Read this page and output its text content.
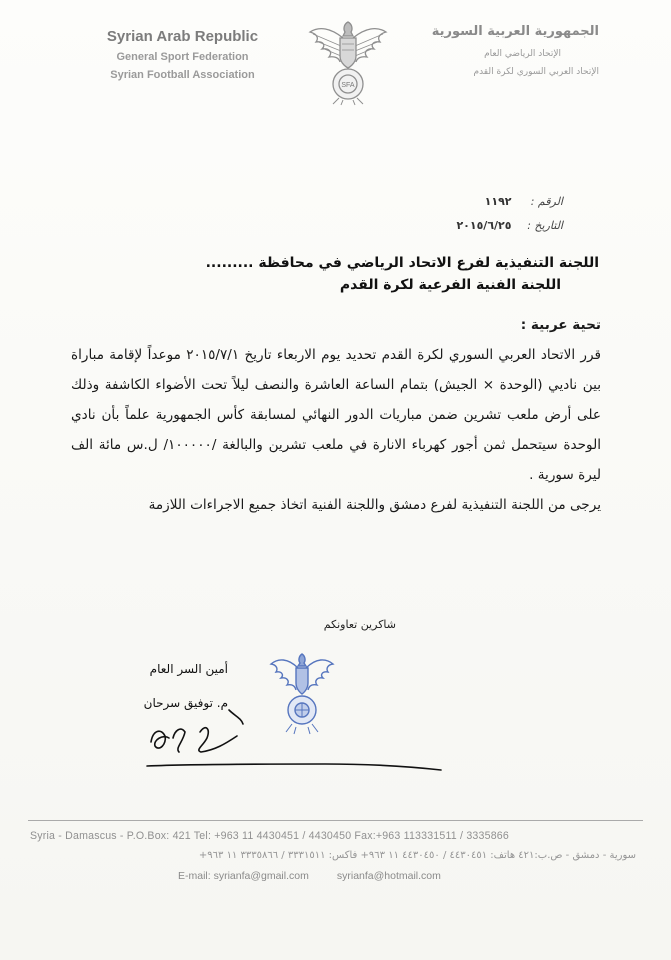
Syrian Arab Republic
General Sport Federation
Syrian Football Association
SFA
الجمهورية العربية السورية
الإتحاد الرياضي العام
الإتحاد العربي السوري لكرة القدم
الرقم : ١١٩٢
التاريخ : ٢٠١٥/٦/٢٥
اللجنة التنفيذية لفرع الاتحاد الرياضي في محافظة .........
اللجنة الفنية الفرعية لكرة القدم
تحية عربية :

قرر الاتحاد العربي السوري لكرة القدم تحديد يوم الاربعاء تاريخ ٢٠١٥/٧/١ موعداً لإقامة مباراة بين ناديي (الوحدة × الجيش) بتمام الساعة العاشرة والنصف ليلاً تحت الأضواء الكاشفة وذلك على أرض ملعب تشرين ضمن مباريات الدور النهائي لمسابقة كأس الجمهورية علماً بأن نادي الوحدة سيتحمل ثمن أجور كهرباء الانارة في ملعب تشرين والبالغة /١٠٠٠٠٠/ ل.س مائة الف ليرة سورية .

يرجى من اللجنة التنفيذية لفرع دمشق واللجنة الفنية اتخاذ جميع الاجراءات اللازمة

شاكرين تعاونكم
أمين السر العام
م. توفيق سرحان
Syria - Damascus - P.O.Box: 421 Tel: +963 11 4430451 / 4430450 Fax:+963 113331511 / 3335866
سورية - دمشق - ص.ب:٤٢١ هاتف: ٤٤٣٠٤٥١ / ٤٤٣٠٤٥٠ ١١ ٩٦٣+ فاكس: ٣٣٣١٥١١ / ٣٣٣٥٨٦٦ ١١ ٩٦٣+
E-mail: syrianfa@gmail.com	syrianfa@hotmail.com
